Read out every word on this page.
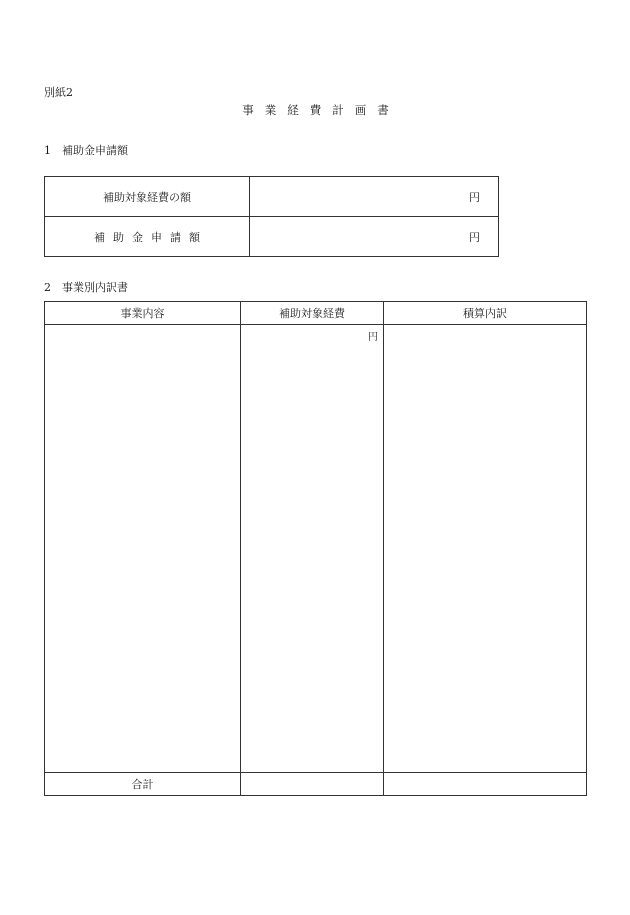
別紙2
事業経費計画書
1　補助金申請額
補助対象経費の額	円
補助金申請額	円
2　事業別内訳書
事業内容	補助対象経費	積算内訳
	円	
合計		
